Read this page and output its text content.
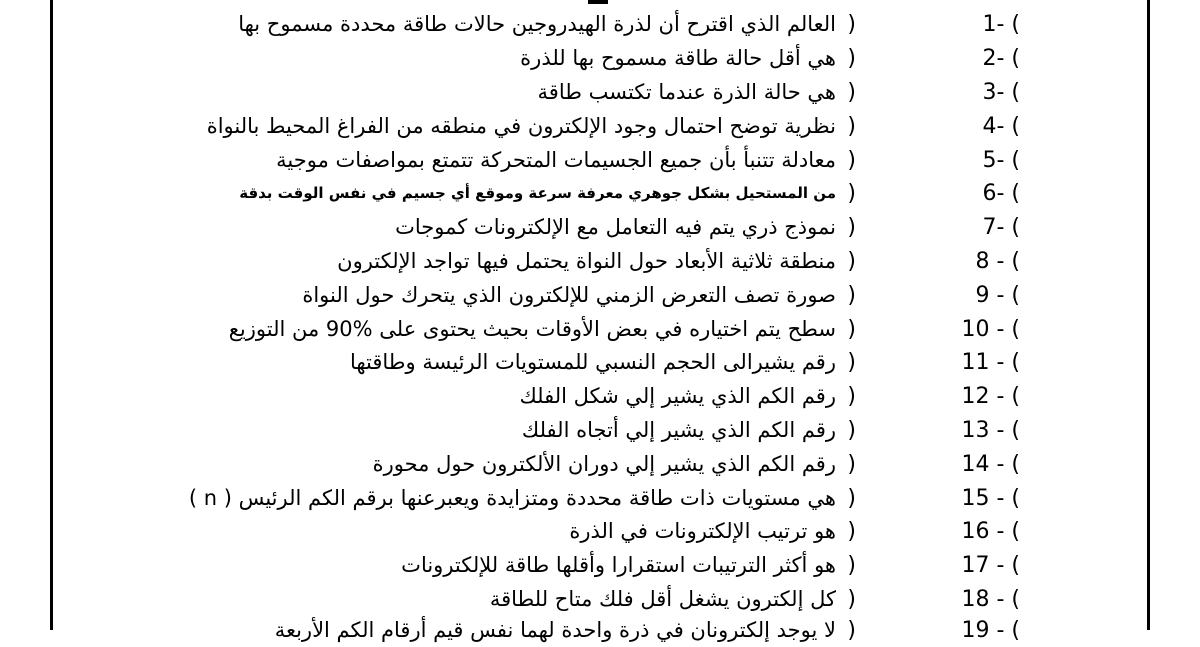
1- (
)
العالم الذي اقترح أن لذرة الهيدروجين حالات طاقة محددة مسموح بها
2- (
)
هي أقل حالة طاقة مسموح بها للذرة
3- (
)
هي حالة الذرة عندما تكتسب طاقة
4- (
)
نظرية توضح احتمال وجود الإلكترون في منطقه من الفراغ المحيط بالنواة
5- (
)
معادلة تتنبأ بأن جميع الجسيمات المتحركة تتمتع بمواصفات موجية
6- (
)
من المستحيل بشكل جوهري معرفة سرعة وموقع أي جسيم في نفس الوقت بدقة
7- (
)
نموذج ذري يتم فيه التعامل مع الإلكترونات كموجات
8 - (
)
منطقة ثلاثية الأبعاد حول النواة يحتمل فيها تواجد الإلكترون
9 - (
)
صورة تصف التعرض الزمني للإلكترون الذي يتحرك حول النواة
10 - (
)
سطح يتم اختياره في بعض الأوقات بحيث يحتوى على %90 من التوزيع
11 - (
)
رقم يشيرالى الحجم النسبي للمستويات الرئيسة وطاقتها
12 - (
)
رقم الكم الذي يشير إلي شكل الفلك
13 - (
)
رقم الكم الذي يشير إلي أتجاه الفلك
14 - (
)
رقم الكم الذي يشير إلي دوران الألكترون حول محورة
15 - (
)
هي مستويات ذات طاقة محددة ومتزايدة ويعبرعنها برقم الكم الرئيس ( n )
16 - (
)
هو ترتيب الإلكترونات في الذرة
17 - (
)
هو أكثر الترتيبات استقرارا وأقلها طاقة للإلكترونات
18 - (
)
كل إلكترون يشغل أقل فلك متاح للطاقة
19 - (
)
لا يوجد إلكترونان في ذرة واحدة لهما نفس قيم أرقام الكم الأربعة
